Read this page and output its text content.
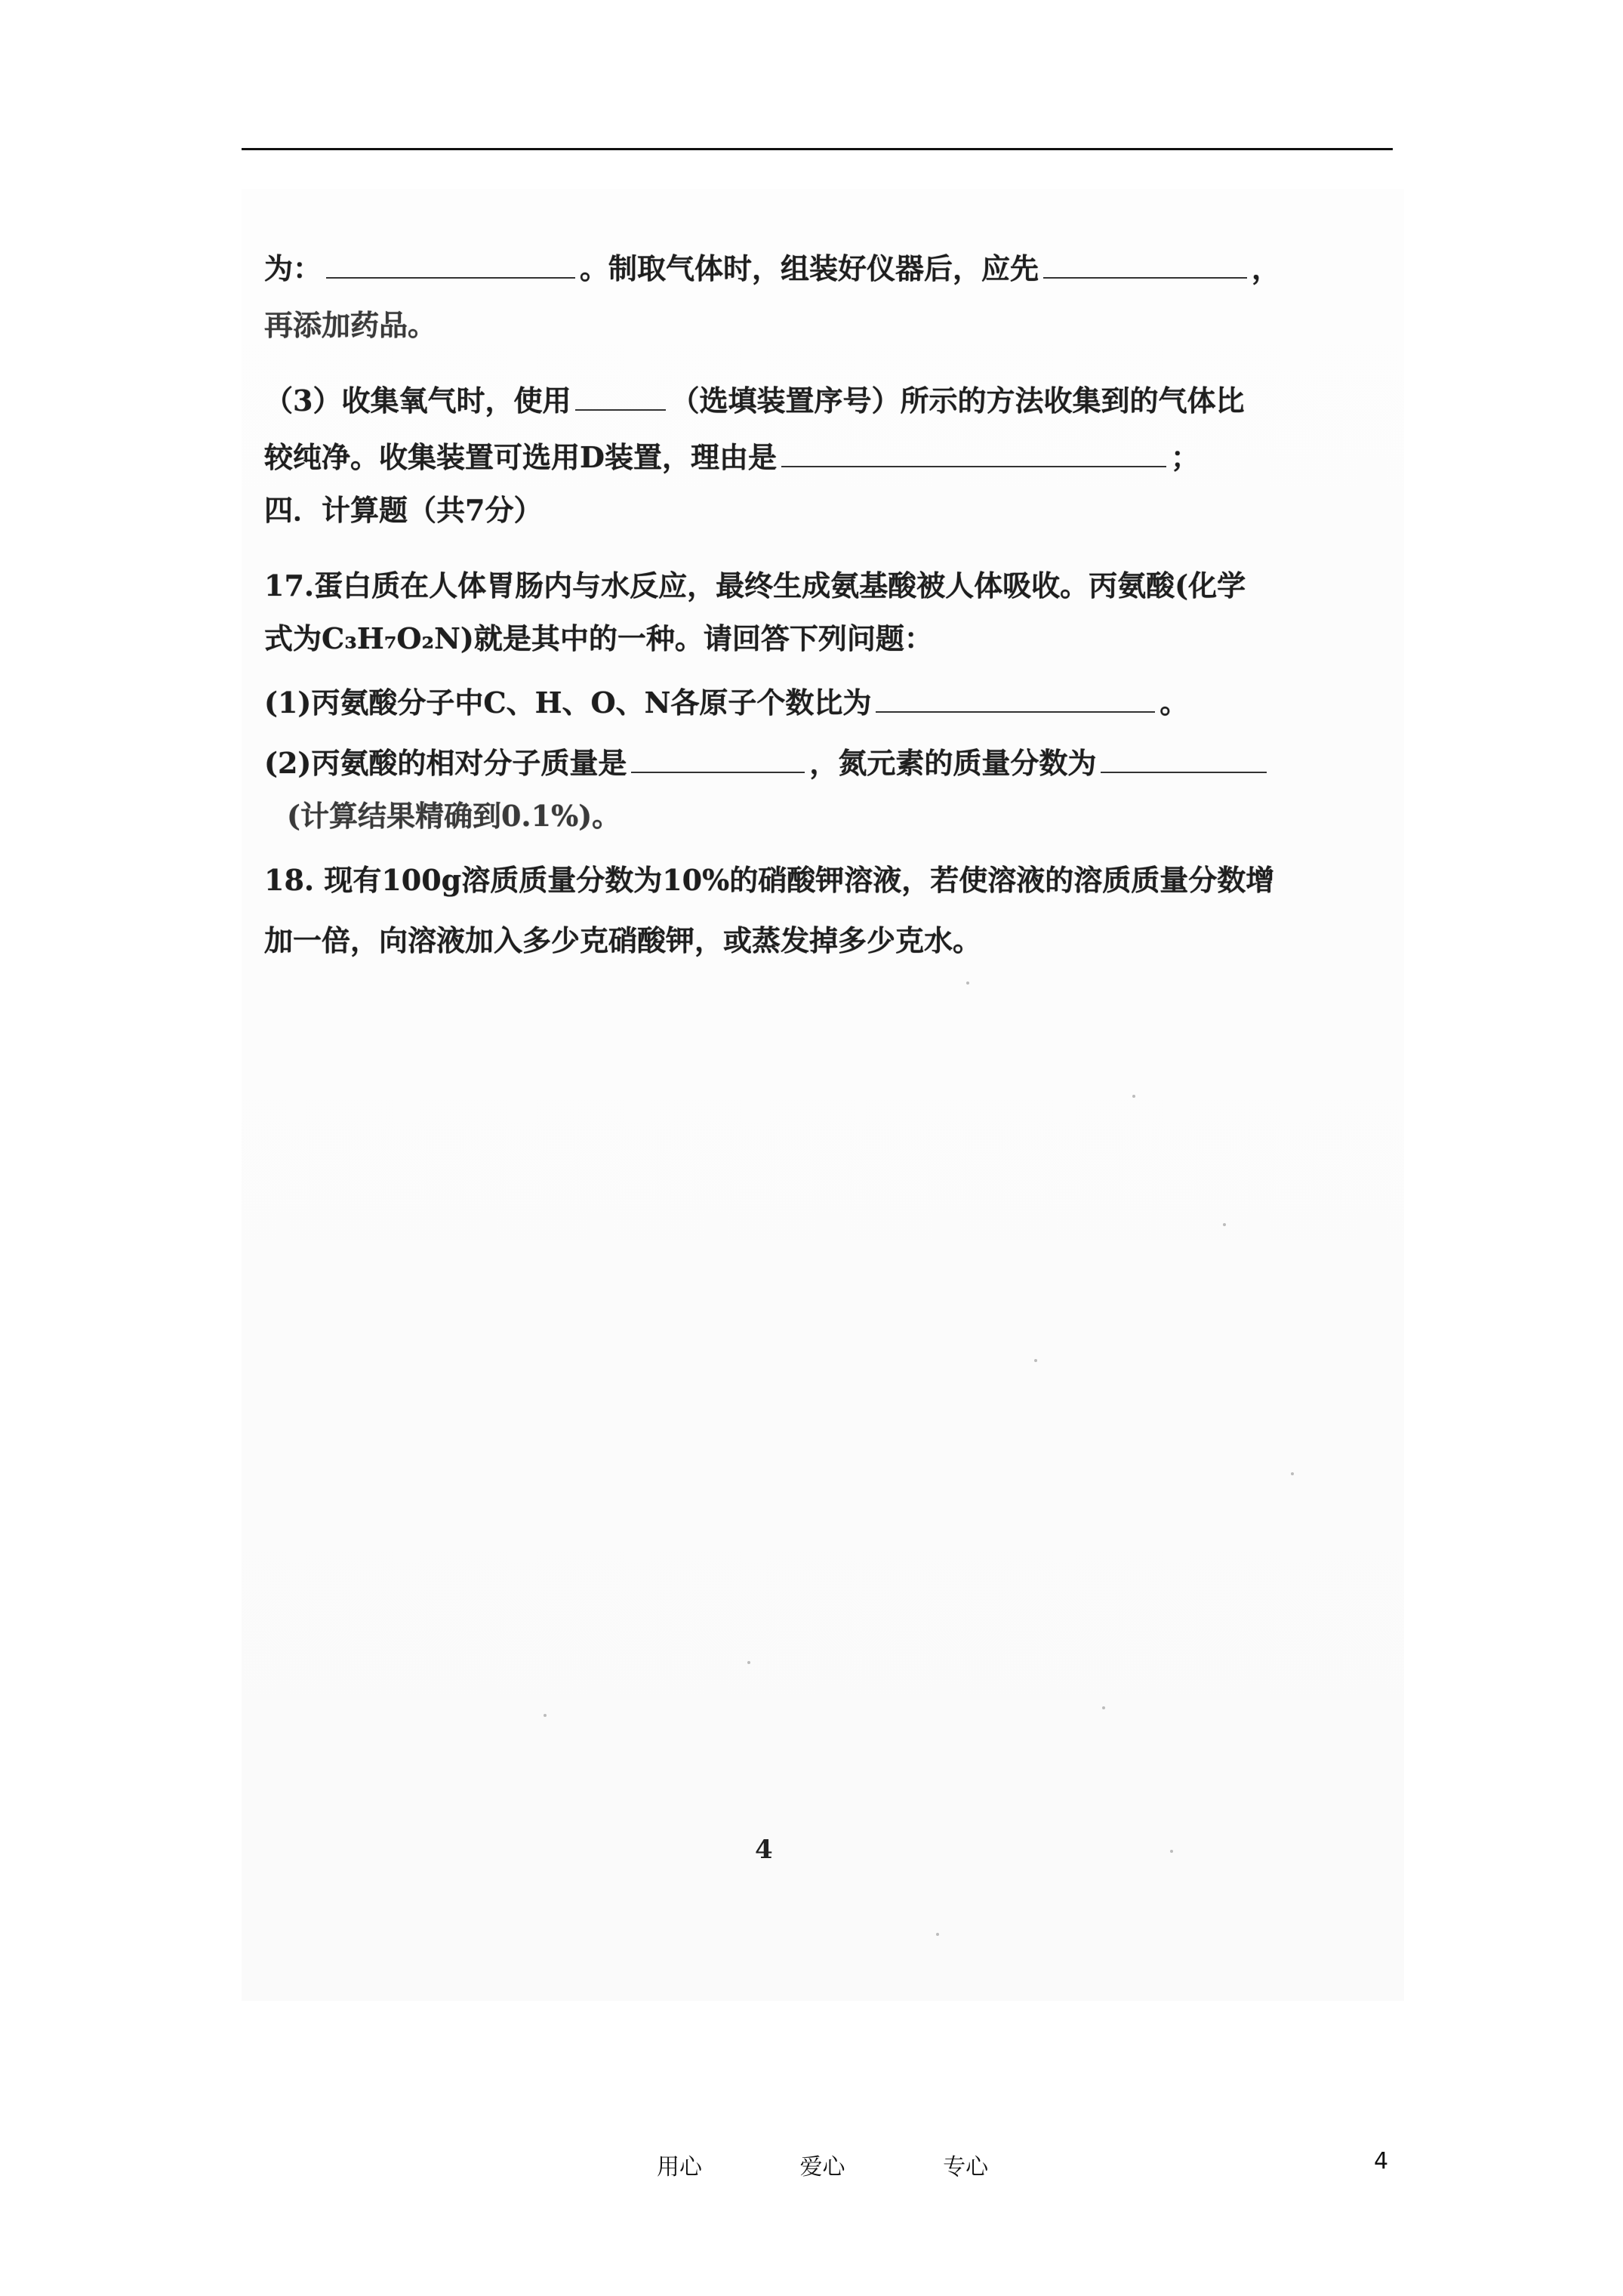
为：	。制取气体时，组装好仪器后，应先	，
再添加药品。
（3）收集氧气时，使用	（选填装置序号）所示的方法收集到的气体比
较纯净。收集装置可选用D装置，理由是	；
四．计算题（共7分）
17.蛋白质在人体胃肠内与水反应，最终生成氨基酸被人体吸收。丙氨酸(化学
式为C₃H₇O₂N)就是其中的一种。请回答下列问题：
(1)丙氨酸分子中C、H、O、N各原子个数比为	。
(2)丙氨酸的相对分子质量是	，氮元素的质量分数为
(计算结果精确到0.1%)。
18. 现有100g溶质质量分数为10%的硝酸钾溶液，若使溶液的溶质质量分数增
加一倍，向溶液加入多少克硝酸钾，或蒸发掉多少克水。
4
用心	爱心	专心	4
